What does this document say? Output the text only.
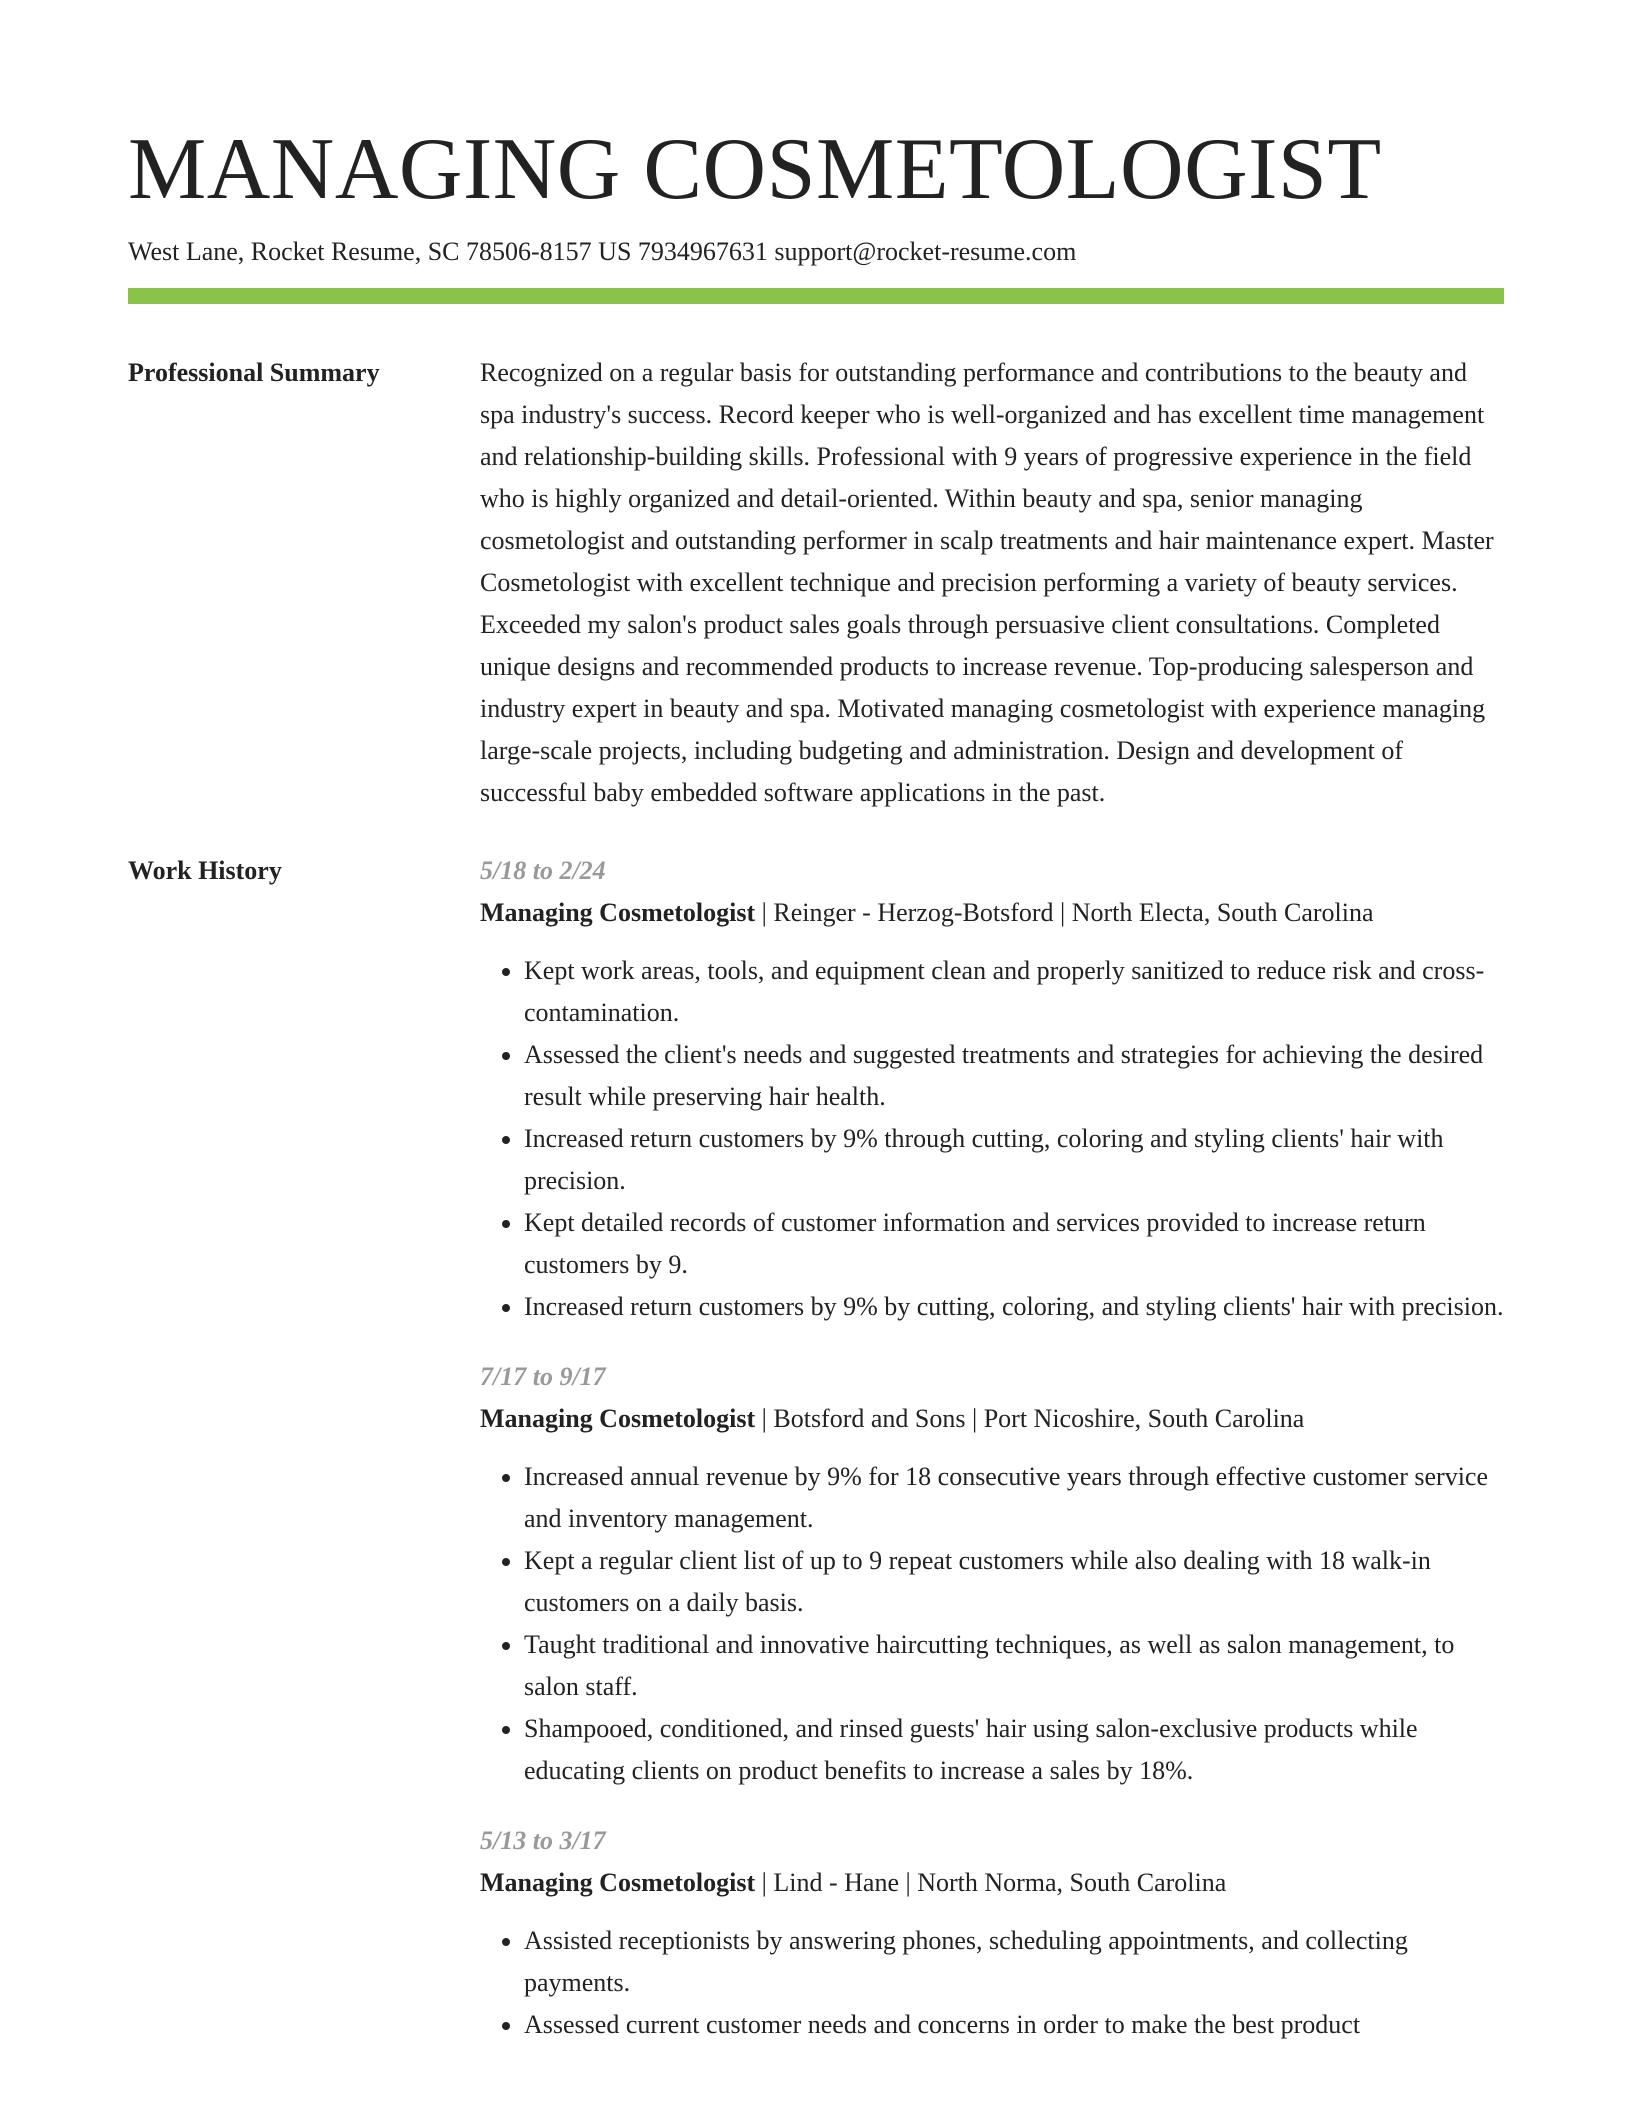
MANAGING COSMETOLOGIST
West Lane, Rocket Resume, SC 78506-8157 US 7934967631 support@rocket-resume.com
Professional Summary	Recognized on a regular basis for outstanding performance and contributions to the beauty and spa industry's success. Record keeper who is well-organized and has excellent time management and relationship-building skills. Professional with 9 years of progressive experience in the field who is highly organized and detail-oriented. Within beauty and spa, senior managing cosmetologist and outstanding performer in scalp treatments and hair maintenance expert. Master Cosmetologist with excellent technique and precision performing a variety of beauty services. Exceeded my salon's product sales goals through persuasive client consultations. Completed unique designs and recommended products to increase revenue. Top-producing salesperson and industry expert in beauty and spa. Motivated managing cosmetologist with experience managing large-scale projects, including budgeting and administration. Design and development of successful baby embedded software applications in the past.

Work History	5/18 to 2/24
Managing Cosmetologist | Reinger - Herzog-Botsford | North Electa, South Carolina
• Kept work areas, tools, and equipment clean and properly sanitized to reduce risk and cross-contamination.
• Assessed the client's needs and suggested treatments and strategies for achieving the desired result while preserving hair health.
• Increased return customers by 9% through cutting, coloring and styling clients' hair with precision.
• Kept detailed records of customer information and services provided to increase return customers by 9.
• Increased return customers by 9% by cutting, coloring, and styling clients' hair with precision.
7/17 to 9/17
Managing Cosmetologist | Botsford and Sons | Port Nicoshire, South Carolina
• Increased annual revenue by 9% for 18 consecutive years through effective customer service and inventory management.
• Kept a regular client list of up to 9 repeat customers while also dealing with 18 walk-in customers on a daily basis.
• Taught traditional and innovative haircutting techniques, as well as salon management, to salon staff.
• Shampooed, conditioned, and rinsed guests' hair using salon-exclusive products while educating clients on product benefits to increase a sales by 18%.
5/13 to 3/17
Managing Cosmetologist | Lind - Hane | North Norma, South Carolina
• Assisted receptionists by answering phones, scheduling appointments, and collecting payments.
• Assessed current customer needs and concerns in order to make the best product
